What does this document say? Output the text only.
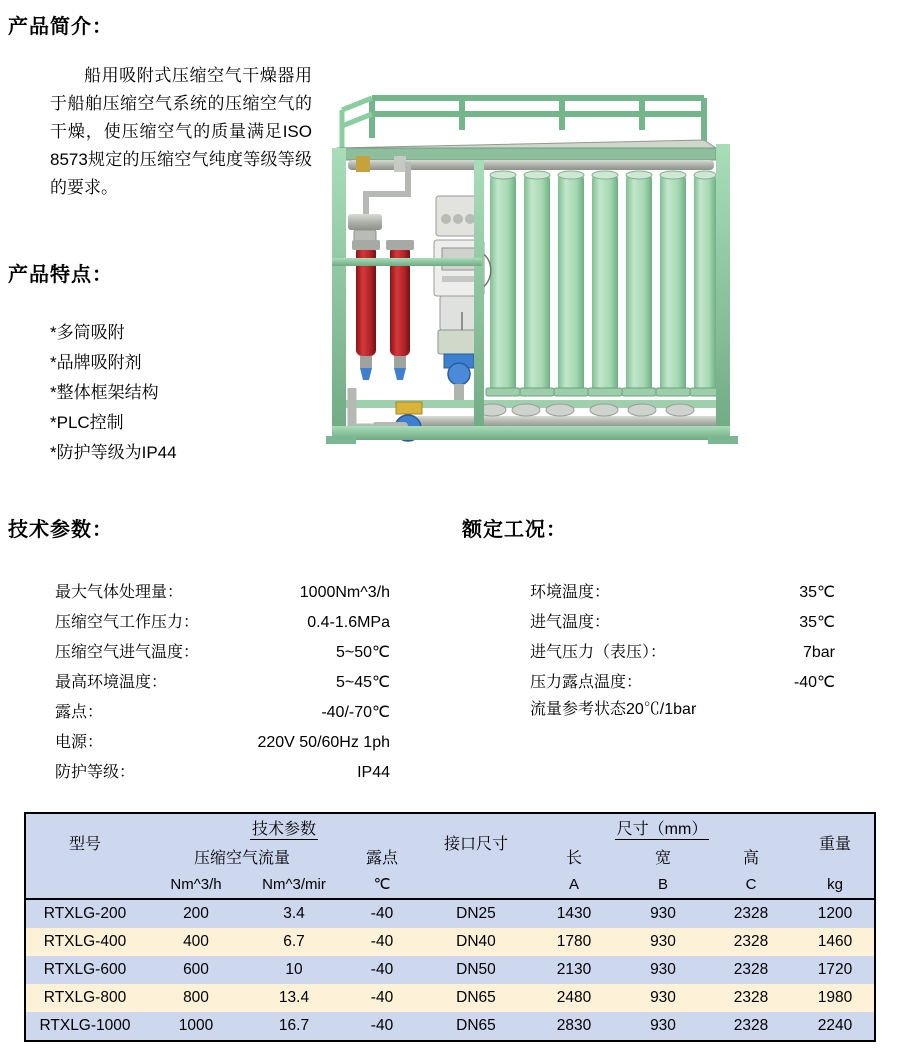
产品简介：
船用吸附式压缩空气干燥器用于船舶压缩空气系统的压缩空气的干燥，使压缩空气的质量满足ISO 8573规定的压缩空气纯度等级等级的要求。
产品特点：
*多筒吸附
*品牌吸附剂
*整体框架结构
*PLC控制
*防护等级为IP44
技术参数：
最大气体处理量：	1000Nm^3/h
压缩空气工作压力：	0.4-1.6MPa
压缩空气进气温度：	5~50℃
最高环境温度：	5~45℃
露点：	-40/-70℃
电源：	220V 50/60Hz 1ph
防护等级：	IP44
额定工况：
环境温度：	35℃
进气温度：	35℃
进气压力（表压）：	7bar
压力露点温度：	-40℃
流量参考状态20℃/1bar
型号	技术参数			接口尺寸	尺寸（mm）			重量
	压缩空气流量		露点		长	宽	高	
	Nm^3/h	Nm^3/mir	℃		A	B	C	kg
RTXLG-200	200	3.4	-40	DN25	1430	930	2328	1200
RTXLG-400	400	6.7	-40	DN40	1780	930	2328	1460
RTXLG-600	600	10	-40	DN50	2130	930	2328	1720
RTXLG-800	800	13.4	-40	DN65	2480	930	2328	1980
RTXLG-1000	1000	16.7	-40	DN65	2830	930	2328	2240
